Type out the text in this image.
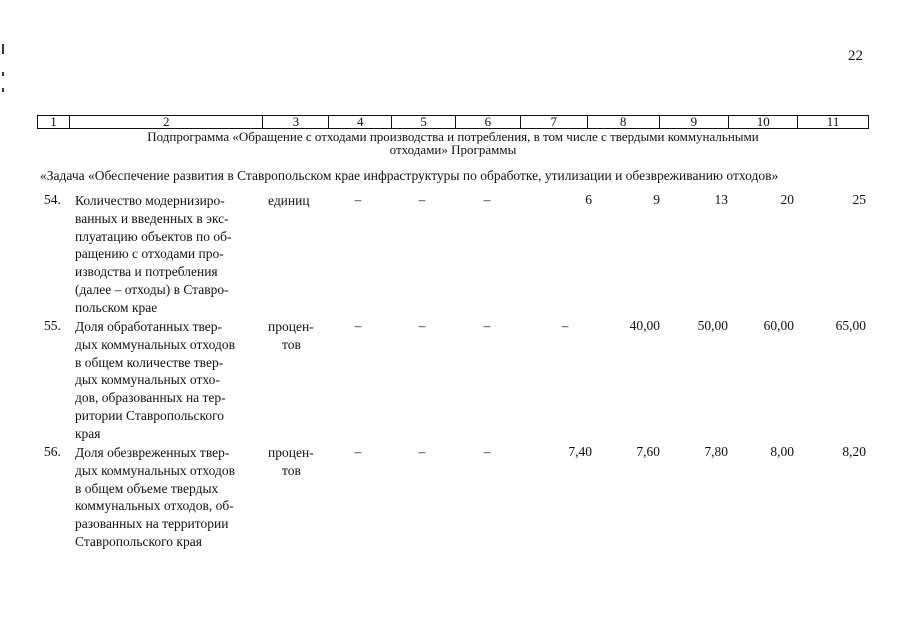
22
1	2	3	4	5	6	7	8	9	10	11
Подпрограмма «Обращение с отходами производства и потребления, в том числе с твердыми коммунальными
отходами» Программы
«Задача «Обеспечение развития в Ставропольском крае инфраструктуры по обработке, утилизации и обезвреживанию отходов»
54.	Количество модернизиро-
ванных и введенных в экс-
плуатацию объектов по об-
ращению с отходами про-
изводства и потребления
(далее – отходы) в Ставро-
польском крае
единиц	–	–	–	6	9	13	20	25
55.	Доля обработанных твер-
дых коммунальных отходов
в общем количестве твер-
дых коммунальных отхо-
дов, образованных на тер-
ритории Ставропольского
края
процен-
тов
–	–	–	–	40,00	50,00	60,00	65,00
56.	Доля обезвреженных твер-
дых коммунальных отходов
в общем объеме твердых
коммунальных отходов, об-
разованных на территории
Ставропольского края
процен-
тов
–	–	–	7,40	7,60	7,80	8,00	8,20
